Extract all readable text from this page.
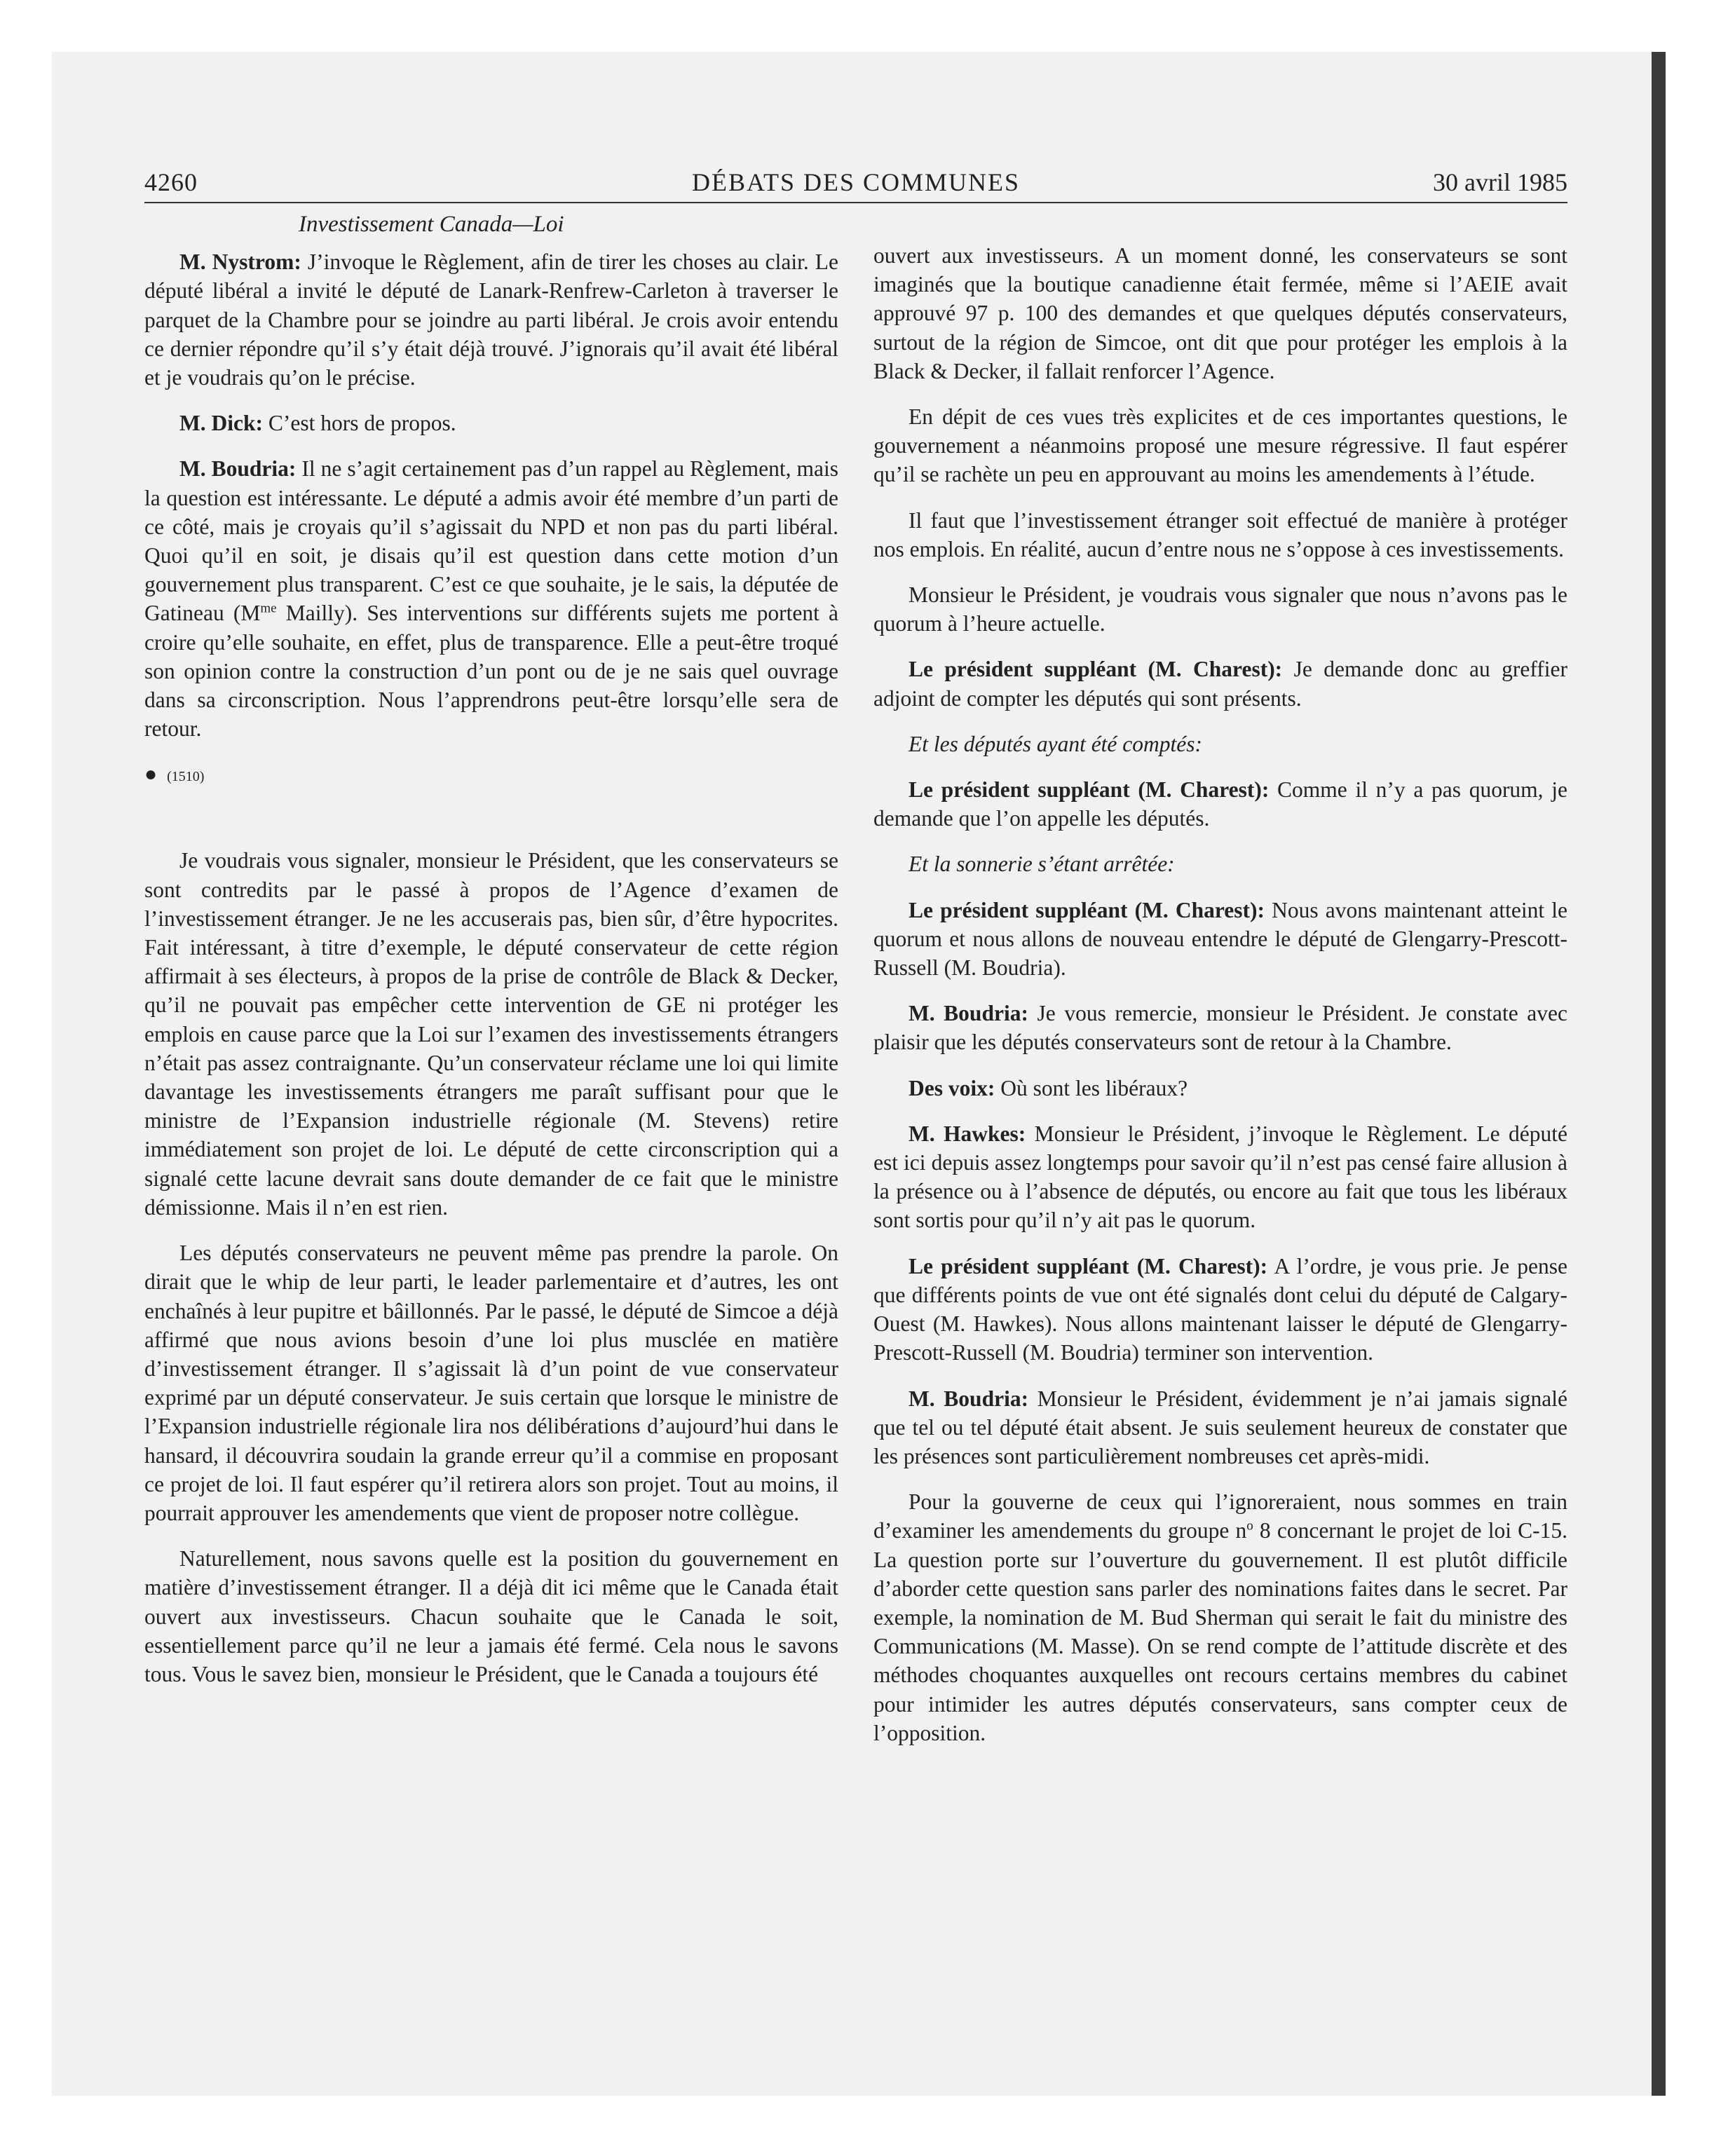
4260	DÉBATS DES COMMUNES	30 avril 1985

Investissement Canada—Loi

M. Nystrom: J’invoque le Règlement, afin de tirer les choses au clair. Le député libéral a invité le député de Lanark-Renfrew-Carleton à traverser le parquet de la Chambre pour se joindre au parti libéral. Je crois avoir entendu ce dernier répondre qu’il s’y était déjà trouvé. J’ignorais qu’il avait été libéral et je voudrais qu’on le précise.

M. Dick: C’est hors de propos.

M. Boudria: Il ne s’agit certainement pas d’un rappel au Règlement, mais la question est intéressante. Le député a admis avoir été membre d’un parti de ce côté, mais je croyais qu’il s’agissait du NPD et non pas du parti libéral. Quoi qu’il en soit, je disais qu’il est question dans cette motion d’un gouvernement plus transparent. C’est ce que souhaite, je le sais, la députée de Gatineau ($M^{me}$ Mailly). Ses interventions sur différents sujets me portent à croire qu’elle souhaite, en effet, plus de transparence. Elle a peut-être troqué son opinion contre la construction d’un pont ou de je ne sais quel ouvrage dans sa circonscription. Nous l’apprendrons peut-être lorsqu’elle sera de retour.

● (1510)

Je voudrais vous signaler, monsieur le Président, que les conservateurs se sont contredits par le passé à propos de l’Agence d’examen de l’investissement étranger. Je ne les accuserais pas, bien sûr, d’être hypocrites. Fait intéressant, à titre d’exemple, le député conservateur de cette région affirmait à ses électeurs, à propos de la prise de contrôle de Black & Decker, qu’il ne pouvait pas empêcher cette intervention de GE ni protéger les emplois en cause parce que la Loi sur l’examen des investissements étrangers n’était pas assez contraignante. Qu’un conservateur réclame une loi qui limite davantage les investissements étrangers me paraît suffisant pour que le ministre de l’Expansion industrielle régionale (M. Stevens) retire immédiatement son projet de loi. Le député de cette circonscription qui a signalé cette lacune devrait sans doute demander de ce fait que le ministre démissionne. Mais il n’en est rien.

Les députés conservateurs ne peuvent même pas prendre la parole. On dirait que le whip de leur parti, le leader parlementaire et d’autres, les ont enchaînés à leur pupitre et bâillonnés. Par le passé, le député de Simcoe a déjà affirmé que nous avions besoin d’une loi plus musclée en matière d’investissement étranger. Il s’agissait là d’un point de vue conservateur exprimé par un député conservateur. Je suis certain que lorsque le ministre de l’Expansion industrielle régionale lira nos délibérations d’aujourd’hui dans le hansard, il découvrira soudain la grande erreur qu’il a commise en proposant ce projet de loi. Il faut espérer qu’il retirera alors son projet. Tout au moins, il pourrait approuver les amendements que vient de proposer notre collègue.

Naturellement, nous savons quelle est la position du gouvernement en matière d’investissement étranger. Il a déjà dit ici même que le Canada était ouvert aux investisseurs. Chacun souhaite que le Canada le soit, essentiellement parce qu’il ne leur a jamais été fermé. Cela nous le savons tous. Vous le savez bien, monsieur le Président, que le Canada a toujours été

ouvert aux investisseurs. A un moment donné, les conservateurs se sont imaginés que la boutique canadienne était fermée, même si l’AEIE avait approuvé 97 p. 100 des demandes et que quelques députés conservateurs, surtout de la région de Simcoe, ont dit que pour protéger les emplois à la Black & Decker, il fallait renforcer l’Agence.

En dépit de ces vues très explicites et de ces importantes questions, le gouvernement a néanmoins proposé une mesure régressive. Il faut espérer qu’il se rachète un peu en approuvant au moins les amendements à l’étude.

Il faut que l’investissement étranger soit effectué de manière à protéger nos emplois. En réalité, aucun d’entre nous ne s’oppose à ces investissements.

Monsieur le Président, je voudrais vous signaler que nous n’avons pas le quorum à l’heure actuelle.

Le président suppléant (M. Charest): Je demande donc au greffier adjoint de compter les députés qui sont présents.

Et les députés ayant été comptés:

Le président suppléant (M. Charest): Comme il n’y a pas quorum, je demande que l’on appelle les députés.

Et la sonnerie s’étant arrêtée:

Le président suppléant (M. Charest): Nous avons maintenant atteint le quorum et nous allons de nouveau entendre le député de Glengarry-Prescott-Russell (M. Boudria).

M. Boudria: Je vous remercie, monsieur le Président. Je constate avec plaisir que les députés conservateurs sont de retour à la Chambre.

Des voix: Où sont les libéraux?

M. Hawkes: Monsieur le Président, j’invoque le Règlement. Le député est ici depuis assez longtemps pour savoir qu’il n’est pas censé faire allusion à la présence ou à l’absence de députés, ou encore au fait que tous les libéraux sont sortis pour qu’il n’y ait pas le quorum.

Le président suppléant (M. Charest): A l’ordre, je vous prie. Je pense que différents points de vue ont été signalés dont celui du député de Calgary-Ouest (M. Hawkes). Nous allons maintenant laisser le député de Glengarry-Prescott-Russell (M. Boudria) terminer son intervention.

M. Boudria: Monsieur le Président, évidemment je n’ai jamais signalé que tel ou tel député était absent. Je suis seulement heureux de constater que les présences sont particulièrement nombreuses cet après-midi.

Pour la gouverne de ceux qui l’ignoreraient, nous sommes en train d’examiner les amendements du groupe $n^o$ 8 concernant le projet de loi C-15. La question porte sur l’ouverture du gouvernement. Il est plutôt difficile d’aborder cette question sans parler des nominations faites dans le secret. Par exemple, la nomination de M. Bud Sherman qui serait le fait du ministre des Communications (M. Masse). On se rend compte de l’attitude discrète et des méthodes choquantes auxquelles ont recours certains membres du cabinet pour intimider les autres députés conservateurs, sans compter ceux de l’opposition.
